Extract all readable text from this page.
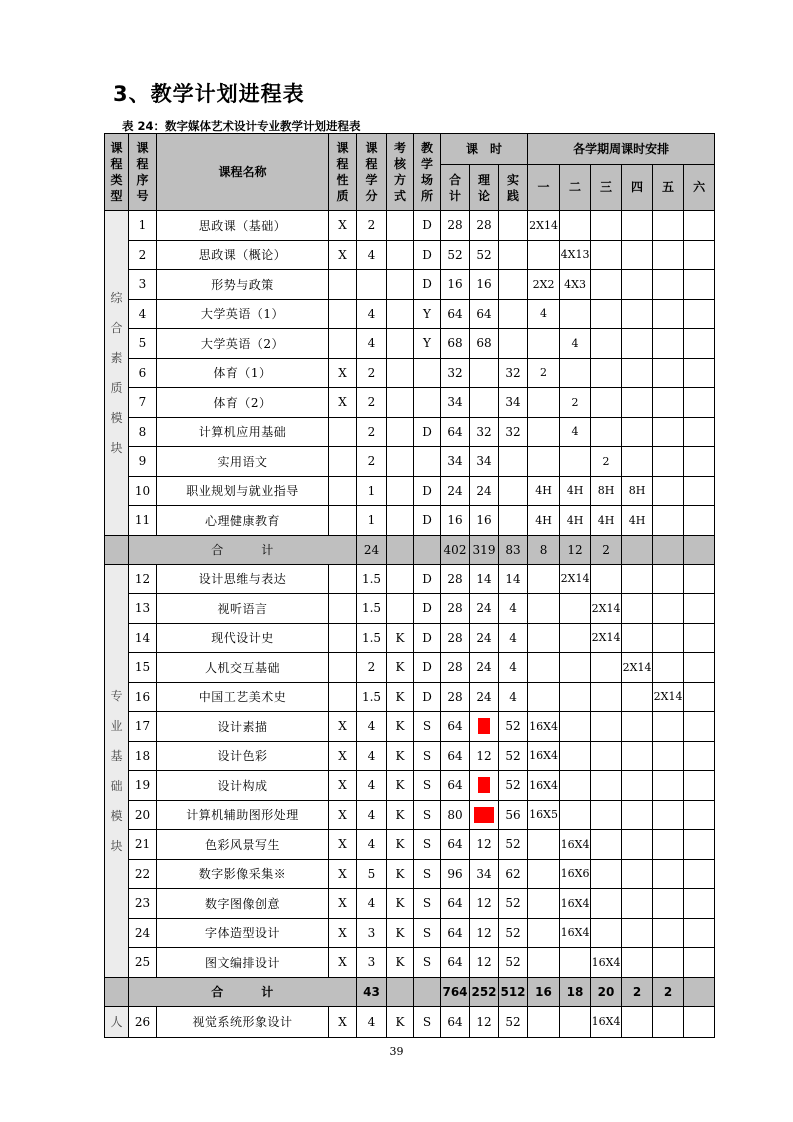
3、教学计划进程表
表 24：数字媒体艺术设计专业教学计划进程表
课程类型	课程序号	课程名称	课程性质	课程学分	考核方式	教学场所	课　时			各学期周课时安排					
							合计	理论	实践	一	二	三	四	五	六
综合素质模块	1	思政课（基础）	X	2		D	28	28		2X14					
	2	思政课（概论）	X	4		D	52	52			4X13				
	3	形势与政策				D	16	16		2X2	4X3				
	4	大学英语（1）		4		Y	64	64		4					
	5	大学英语（2）		4		Y	68	68			4				
	6	体育（1）	X	2			32		32	2					
	7	体育（2）	X	2			34		34		2				
	8	计算机应用基础		2		D	64	32	32		4				
	9	实用语文		2			34	34				2			
	10	职业规划与就业指导		1		D	24	24		4H	4H	8H	8H		
	11	心理健康教育		1		D	16	16		4H	4H	4H	4H		
	合　　　计			24			402	319	83	8	12	2			
专业基础模块	12	设计思维与表达		1.5		D	28	14	14		2X14				
	13	视听语言		1.5		D	28	24	4			2X14			
	14	现代设计史		1.5	K	D	28	24	4			2X14			
	15	人机交互基础		2	K	D	28	24	4				2X14		
	16	中国工艺美术史		1.5	K	D	28	24	4					2X14	
	17	设计素描	X	4	K	S	64		52	16X4					
	18	设计色彩	X	4	K	S	64	12	52	16X4					
	19	设计构成	X	4	K	S	64		52	16X4					
	20	计算机辅助图形处理	X	4	K	S	80		56	16X5					
	21	色彩风景写生	X	4	K	S	64	12	52		16X4				
	22	数字影像采集※	X	5	K	S	96	34	62		16X6				
	23	数字图像创意	X	4	K	S	64	12	52		16X4				
	24	字体造型设计	X	3	K	S	64	12	52		16X4				
	25	图文编排设计	X	3	K	S	64	12	52			16X4			
	合　　　计			43			764	252	512	16	18	20	2	2	
人	26	视觉系统形象设计	X	4	K	S	64	12	52			16X4			
39
